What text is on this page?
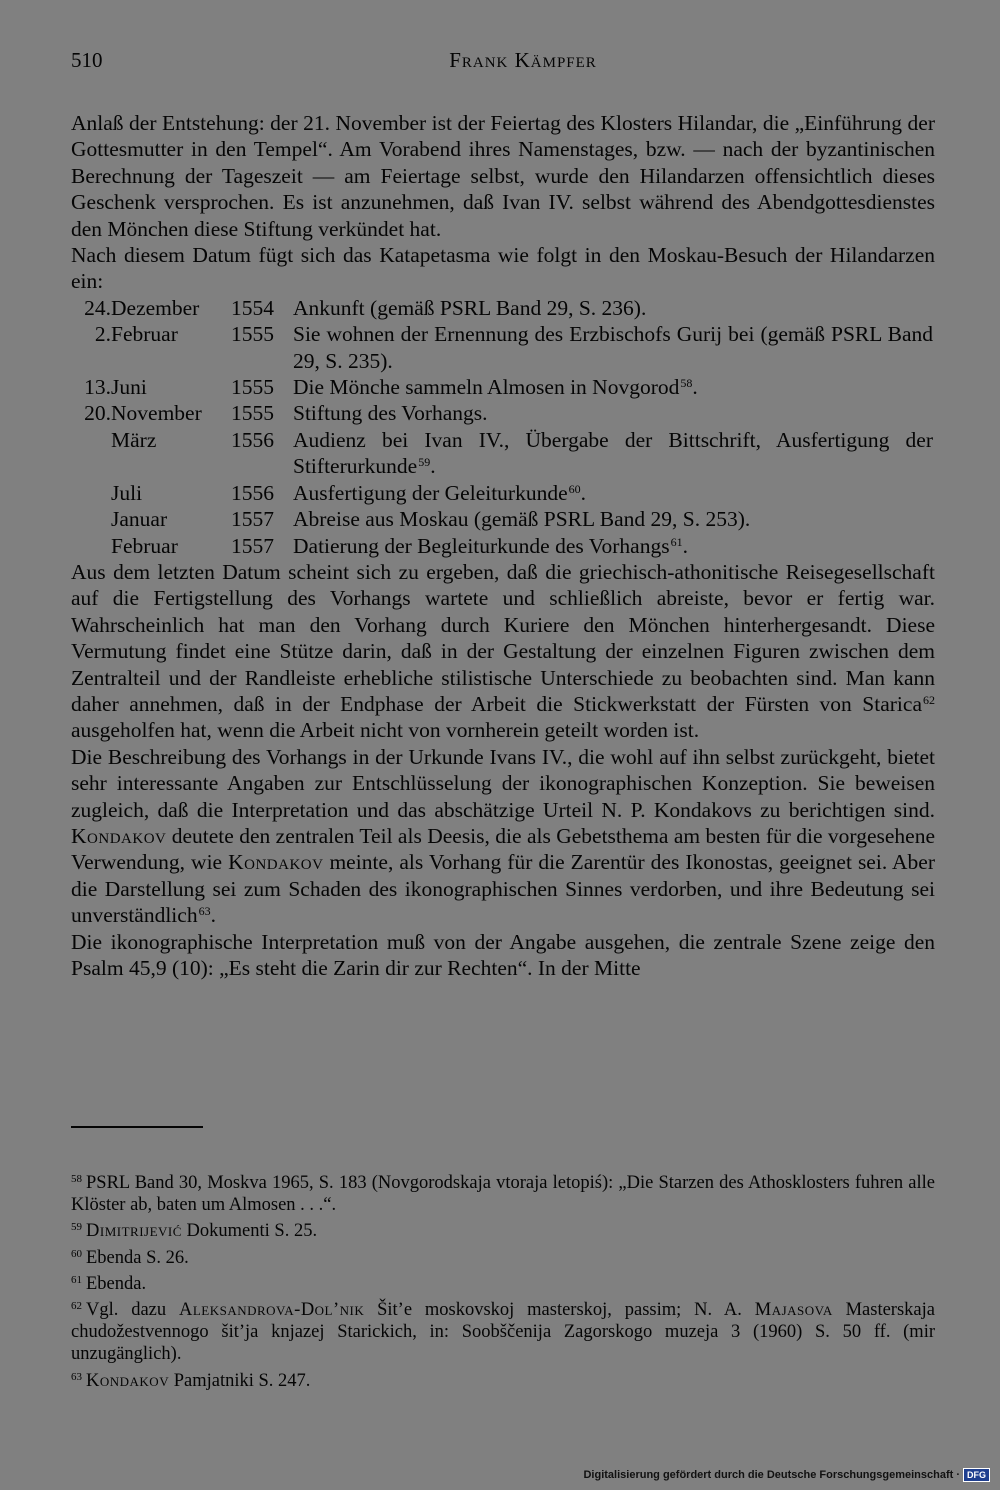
510	Frank Kämpfer

Anlaß der Entstehung: der 21. November ist der Feiertag des Klosters Hilandar, die „Einführung der Gottesmutter in den Tempel“. Am Vorabend ihres Namenstages, bzw. — nach der byzantinischen Berechnung der Tageszeit — am Feiertage selbst, wurde den Hilandarzen offensichtlich dieses Geschenk versprochen. Es ist anzunehmen, daß Ivan IV. selbst während des Abendgottesdienstes den Mönchen diese Stiftung verkündet hat.

Nach diesem Datum fügt sich das Katapetasma wie folgt in den Moskau-Besuch der Hilandarzen ein:

24.	Dezember	1554	Ankunft (gemäß PSRL Band 29, S. 236).
2.	Februar	1555	Sie wohnen der Ernennung des Erzbischofs Gurij bei (gemäß PSRL Band 29, S. 235).
13.	Juni	1555	Die Mönche sammeln Almosen in Novgorod$^{58}$.
20.	November	1555	Stiftung des Vorhangs.
	März	1556	Audienz bei Ivan IV., Übergabe der Bittschrift, Ausfertigung der Stifterurkunde$^{59}$.
	Juli	1556	Ausfertigung der Geleiturkunde$^{60}$.
	Januar	1557	Abreise aus Moskau (gemäß PSRL Band 29, S. 253).
	Februar	1557	Datierung der Begleiturkunde des Vorhangs$^{61}$.

Aus dem letzten Datum scheint sich zu ergeben, daß die griechisch-athonitische Reisegesellschaft auf die Fertigstellung des Vorhangs wartete und schließlich abreiste, bevor er fertig war. Wahrscheinlich hat man den Vorhang durch Kuriere den Mönchen hinterhergesandt. Diese Vermutung findet eine Stütze darin, daß in der Gestaltung der einzelnen Figuren zwischen dem Zentralteil und der Randleiste erhebliche stilistische Unterschiede zu beobachten sind. Man kann daher annehmen, daß in der Endphase der Arbeit die Stickwerkstatt der Fürsten von Starica$^{62}$ ausgeholfen hat, wenn die Arbeit nicht von vornherein geteilt worden ist.

Die Beschreibung des Vorhangs in der Urkunde Ivans IV., die wohl auf ihn selbst zurückgeht, bietet sehr interessante Angaben zur Entschlüsselung der ikonographischen Konzeption. Sie beweisen zugleich, daß die Interpretation und das abschätzige Urteil N. P. Kondakovs zu berichtigen sind. Kondakov deutete den zentralen Teil als Deesis, die als Gebetsthema am besten für die vorgesehene Verwendung, wie Kondakov meinte, als Vorhang für die Zarentür des Ikonostas, geeignet sei. Aber die Darstellung sei zum Schaden des ikonographischen Sinnes verdorben, und ihre Bedeutung sei unverständlich$^{63}$.

Die ikonographische Interpretation muß von der Angabe ausgehen, die zentrale Szene zeige den Psalm 45,9 (10): „Es steht die Zarin dir zur Rechten“. In der Mitte

$^{58}$ PSRL Band 30, Moskva 1965, S. 183 (Novgorodskaja vtoraja letopiś): „Die Starzen des Athosklosters fuhren alle Klöster ab, baten um Almosen . . .“.
$^{59}$ Dimitrijević Dokumenti S. 25.
$^{60}$ Ebenda S. 26.
$^{61}$ Ebenda.
$^{62}$ Vgl. dazu Aleksandrova-Dol’nik Šit’e moskovskoj masterskoj, passim; N. A. Majasova Masterskaja chudožestvennogo šit’ja knjazej Starickich, in: Soobščenija Zagorskogo muzeja 3 (1960) S. 50 ff. (mir unzugänglich).
$^{63}$ Kondakov Pamjatniki S. 247.
Digitalisierung gefördert durch die Deutsche Forschungsgemeinschaft · DFG
